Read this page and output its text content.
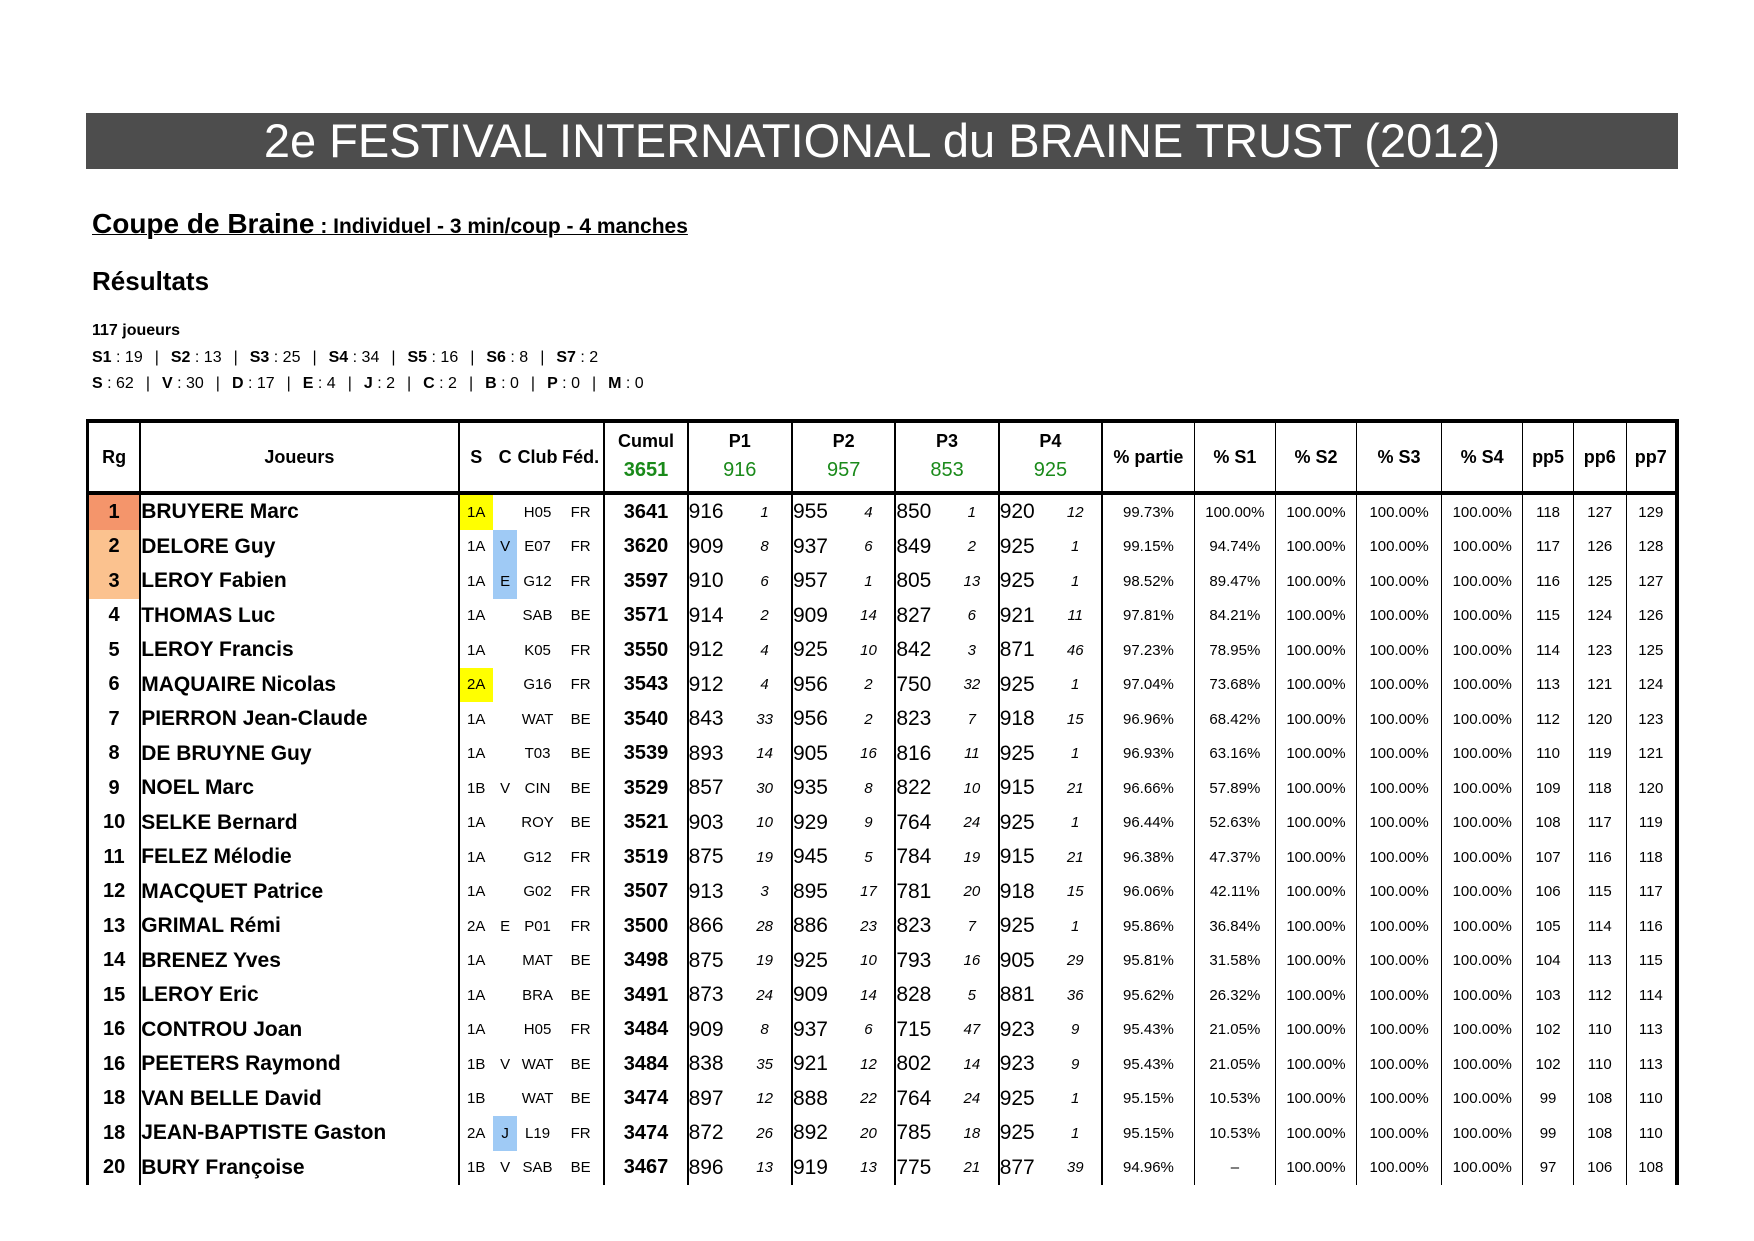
2e FESTIVAL INTERNATIONAL du BRAINE TRUST (2012)
Coupe de Braine : Individuel - 3 min/coup - 4 manches
Résultats
117 joueurs
S1 : 19 | S2 : 13 | S3 : 25 | S4 : 34 | S5 : 16 | S6 : 8 | S7 : 2
S : 62 | V : 30 | D : 17 | E : 4 | J : 2 | C : 2 | B : 0 | P : 0 | M : 0
Rg	Joueurs	S	C	Club	Féd.	Cumul	P1		P2		P3		P4		% partie	% S1	% S2	% S3	% S4	pp5	pp6	pp7
						3651	916		957		853		925									
1	BRUYERE Marc	1A		H05	FR	3641	916	1	955	4	850	1	920	12	99.73%	100.00%	100.00%	100.00%	100.00%	118	127	129
2	DELORE Guy	1A	V	E07	FR	3620	909	8	937	6	849	2	925	1	99.15%	94.74%	100.00%	100.00%	100.00%	117	126	128
3	LEROY Fabien	1A	E	G12	FR	3597	910	6	957	1	805	13	925	1	98.52%	89.47%	100.00%	100.00%	100.00%	116	125	127
4	THOMAS Luc	1A		SAB	BE	3571	914	2	909	14	827	6	921	11	97.81%	84.21%	100.00%	100.00%	100.00%	115	124	126
5	LEROY Francis	1A		K05	FR	3550	912	4	925	10	842	3	871	46	97.23%	78.95%	100.00%	100.00%	100.00%	114	123	125
6	MAQUAIRE Nicolas	2A		G16	FR	3543	912	4	956	2	750	32	925	1	97.04%	73.68%	100.00%	100.00%	100.00%	113	121	124
7	PIERRON Jean-Claude	1A		WAT	BE	3540	843	33	956	2	823	7	918	15	96.96%	68.42%	100.00%	100.00%	100.00%	112	120	123
8	DE BRUYNE Guy	1A		T03	BE	3539	893	14	905	16	816	11	925	1	96.93%	63.16%	100.00%	100.00%	100.00%	110	119	121
9	NOEL Marc	1B	V	CIN	BE	3529	857	30	935	8	822	10	915	21	96.66%	57.89%	100.00%	100.00%	100.00%	109	118	120
10	SELKE Bernard	1A		ROY	BE	3521	903	10	929	9	764	24	925	1	96.44%	52.63%	100.00%	100.00%	100.00%	108	117	119
11	FELEZ Mélodie	1A		G12	FR	3519	875	19	945	5	784	19	915	21	96.38%	47.37%	100.00%	100.00%	100.00%	107	116	118
12	MACQUET Patrice	1A		G02	FR	3507	913	3	895	17	781	20	918	15	96.06%	42.11%	100.00%	100.00%	100.00%	106	115	117
13	GRIMAL Rémi	2A	E	P01	FR	3500	866	28	886	23	823	7	925	1	95.86%	36.84%	100.00%	100.00%	100.00%	105	114	116
14	BRENEZ Yves	1A		MAT	BE	3498	875	19	925	10	793	16	905	29	95.81%	31.58%	100.00%	100.00%	100.00%	104	113	115
15	LEROY Eric	1A		BRA	BE	3491	873	24	909	14	828	5	881	36	95.62%	26.32%	100.00%	100.00%	100.00%	103	112	114
16	CONTROU Joan	1A		H05	FR	3484	909	8	937	6	715	47	923	9	95.43%	21.05%	100.00%	100.00%	100.00%	102	110	113
16	PEETERS Raymond	1B	V	WAT	BE	3484	838	35	921	12	802	14	923	9	95.43%	21.05%	100.00%	100.00%	100.00%	102	110	113
18	VAN BELLE David	1B		WAT	BE	3474	897	12	888	22	764	24	925	1	95.15%	10.53%	100.00%	100.00%	100.00%	99	108	110
18	JEAN-BAPTISTE Gaston	2A	J	L19	FR	3474	872	26	892	20	785	18	925	1	95.15%	10.53%	100.00%	100.00%	100.00%	99	108	110
20	BURY Françoise	1B	V	SAB	BE	3467	896	13	919	13	775	21	877	39	94.96%	–	100.00%	100.00%	100.00%	97	106	108
